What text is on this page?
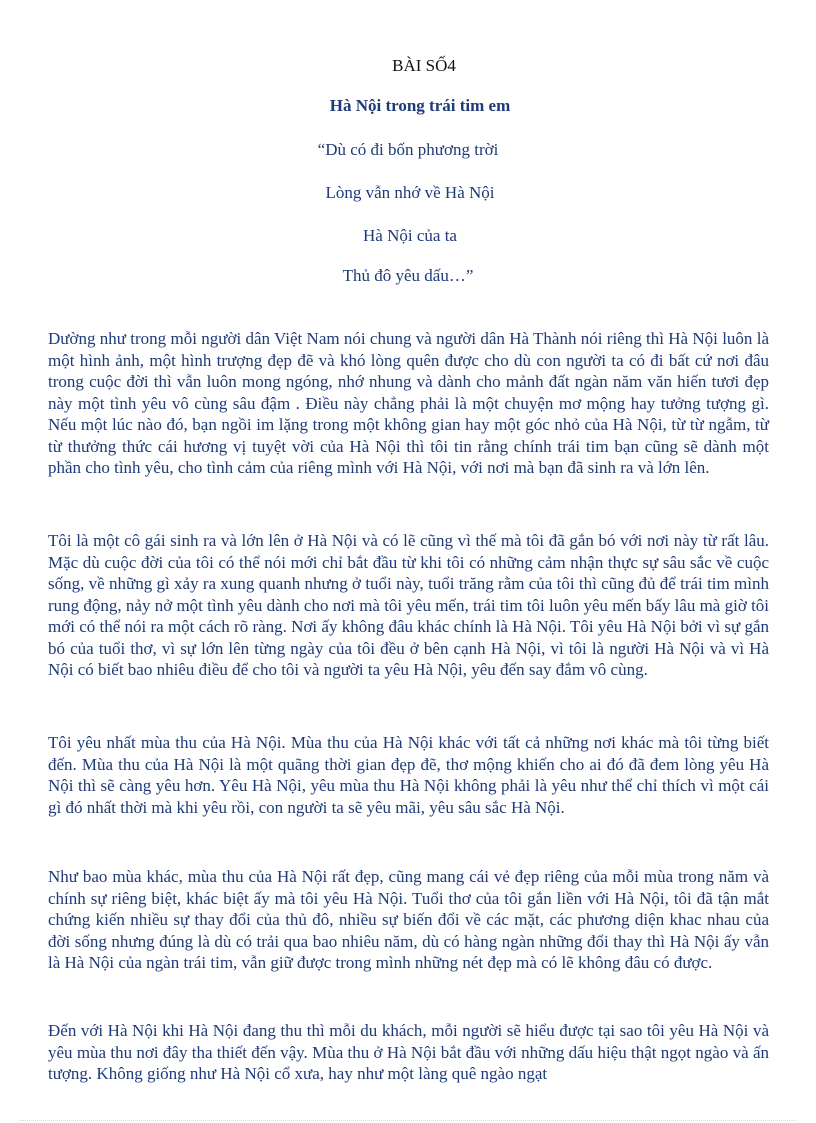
BÀI SỐ4
Hà Nội trong trái tim em
“Dù có đi bốn phương trời
Lòng vẫn nhớ về Hà Nội
Hà Nội của ta
Thủ đô yêu dấu…”

Dường như trong mỗi người dân Việt Nam nói chung và người dân Hà Thành nói riêng thì Hà Nội luôn là một hình ảnh, một hình trượng đẹp đẽ và khó lòng quên được cho dù con người ta có đi bất cứ nơi đâu trong cuộc đời thì vẫn luôn mong ngóng, nhớ nhung và dành cho mảnh đất ngàn năm văn hiến tươi đẹp này một tình yêu vô cùng sâu đậm . Điều này chẳng phải là một chuyện mơ mộng hay tưởng tượng gì. Nếu một lúc nào đó, bạn ngồi im lặng trong một không gian hay một góc nhỏ của Hà Nội, từ từ ngẫm, từ từ thưởng thức cái hương vị tuyệt vời của Hà Nội thì tôi tin rằng chính trái tim bạn cũng sẽ dành một phần cho tình yêu, cho tình cảm của riêng mình với Hà Nội, với nơi mà bạn đã sinh ra và lớn lên.

Tôi là một cô gái sinh ra và lớn lên ở Hà Nội và có lẽ cũng vì thế mà tôi đã gắn bó với nơi này từ rất lâu. Mặc dù cuộc đời của tôi có thể nói mới chỉ bắt đầu từ khi tôi có những cảm nhận thực sự sâu sắc về cuộc sống, về những gì xảy ra xung quanh nhưng ở tuổi này, tuổi trăng rằm của tôi thì cũng đủ để trái tim mình rung động, nảy nở một tình yêu dành cho nơi mà tôi yêu mến, trái tim tôi luôn yêu mến bấy lâu mà giờ tôi mới có thể nói ra một cách rõ ràng. Nơi ấy không đâu khác chính là Hà Nội. Tôi yêu Hà Nội bởi vì sự gắn bó của tuổi thơ, vì sự lớn lên từng ngày của tôi đều ở bên cạnh Hà Nội, vì tôi là người Hà Nội và vì Hà Nội có biết bao nhiêu điều để cho tôi và người ta yêu Hà Nội, yêu đến say đắm vô cùng.

Tôi yêu nhất mùa thu của Hà Nội. Mùa thu của Hà Nội khác với tất cả những nơi khác mà tôi từng biết đến. Mùa thu của Hà Nội là một quãng thời gian đẹp đẽ, thơ mộng khiến cho ai đó đã đem lòng yêu Hà Nội thì sẽ càng yêu hơn. Yêu Hà Nội, yêu mùa thu Hà Nội không phải là yêu như thể chỉ thích vì một cái gì đó nhất thời mà khi yêu rồi, con người ta sẽ yêu mãi, yêu sâu sắc Hà Nội.

Như bao mùa khác, mùa thu của Hà Nội rất đẹp, cũng mang cái vẻ đẹp riêng của mỗi mùa trong năm và chính sự riêng biệt, khác biệt ấy mà tôi yêu Hà Nội. Tuổi thơ của tôi gắn liền với Hà Nội, tôi đã tận mắt chứng kiến nhiều sự thay đổi của thủ đô, nhiều sự biến đổi về các mặt, các phương diện khac nhau của đời sống nhưng đúng là dù có trải qua bao nhiêu năm, dù có hàng ngàn những đổi thay thì Hà Nội ấy vẫn là Hà Nội của ngàn trái tim, vẫn giữ được trong mình những nét đẹp mà có lẽ không đâu có được.

Đến với Hà Nội khi Hà Nội đang thu thì mỗi du khách, mỗi người sẽ hiểu được tại sao tôi yêu Hà Nội và yêu mùa thu nơi đây tha thiết đến vậy. Mùa thu ở Hà Nội bắt đầu với những dấu hiệu thật ngọt ngào và ấn tượng. Không giống như Hà Nội cổ xưa, hay như một làng quê ngào ngạt
